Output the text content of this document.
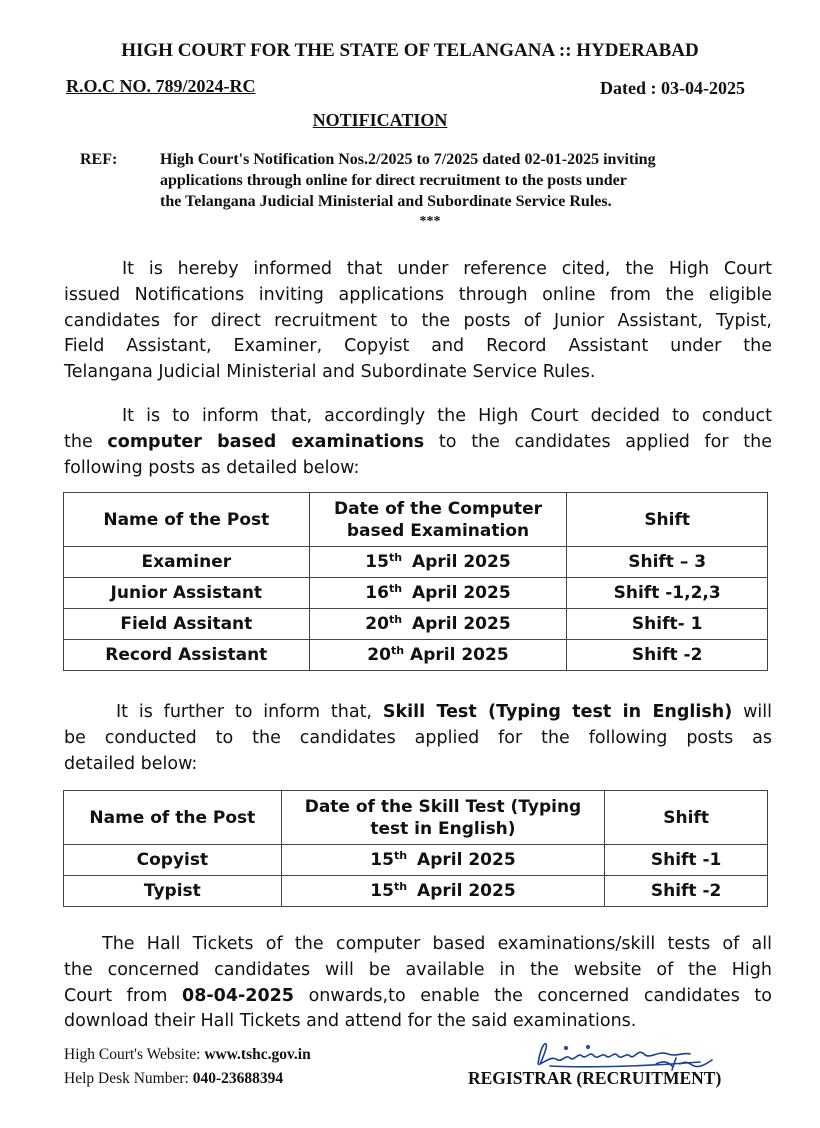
HIGH COURT FOR THE STATE OF TELANGANA :: HYDERABAD
R.O.C NO. 789/2024-RC	Dated : 03-04-2025
NOTIFICATION
REF:	High Court's Notification Nos.2/2025 to 7/2025 dated 02-01-2025 inviting
applications through online for direct recruitment to the posts under
the Telangana Judicial Ministerial and Subordinate Service Rules.
***
It is hereby informed that under reference cited, the High Court
issued Notifications inviting applications through online from the eligible
candidates for direct recruitment to the posts of Junior Assistant, Typist,
Field Assistant, Examiner, Copyist and Record Assistant under the
Telangana Judicial Ministerial and Subordinate Service Rules.
It is to inform that, accordingly the High Court decided to conduct
the computer based examinations to the candidates applied for the
following posts as detailed below:
Name of the Post	Date of the Computer based Examination	Shift
Examiner	15th April 2025	Shift – 3
Junior Assistant	16th April 2025	Shift -1,2,3
Field Assitant	20th April 2025	Shift- 1
Record Assistant	20th April 2025	Shift -2
It is further to inform that, Skill Test (Typing test in English) will
be conducted to the candidates applied for the following posts as
detailed below:
Name of the Post	Date of the Skill Test (Typing test in English)	Shift
Copyist	15th April 2025	Shift -1
Typist	15th April 2025	Shift -2
The Hall Tickets of the computer based examinations/skill tests of all
the concerned candidates will be available in the website of the High
Court from 08-04-2025 onwards,to enable the concerned candidates to
download their Hall Tickets and attend for the said examinations.
High Court's Website: www.tshc.gov.in
Help Desk Number: 040-23688394	REGISTRAR (RECRUITMENT)
